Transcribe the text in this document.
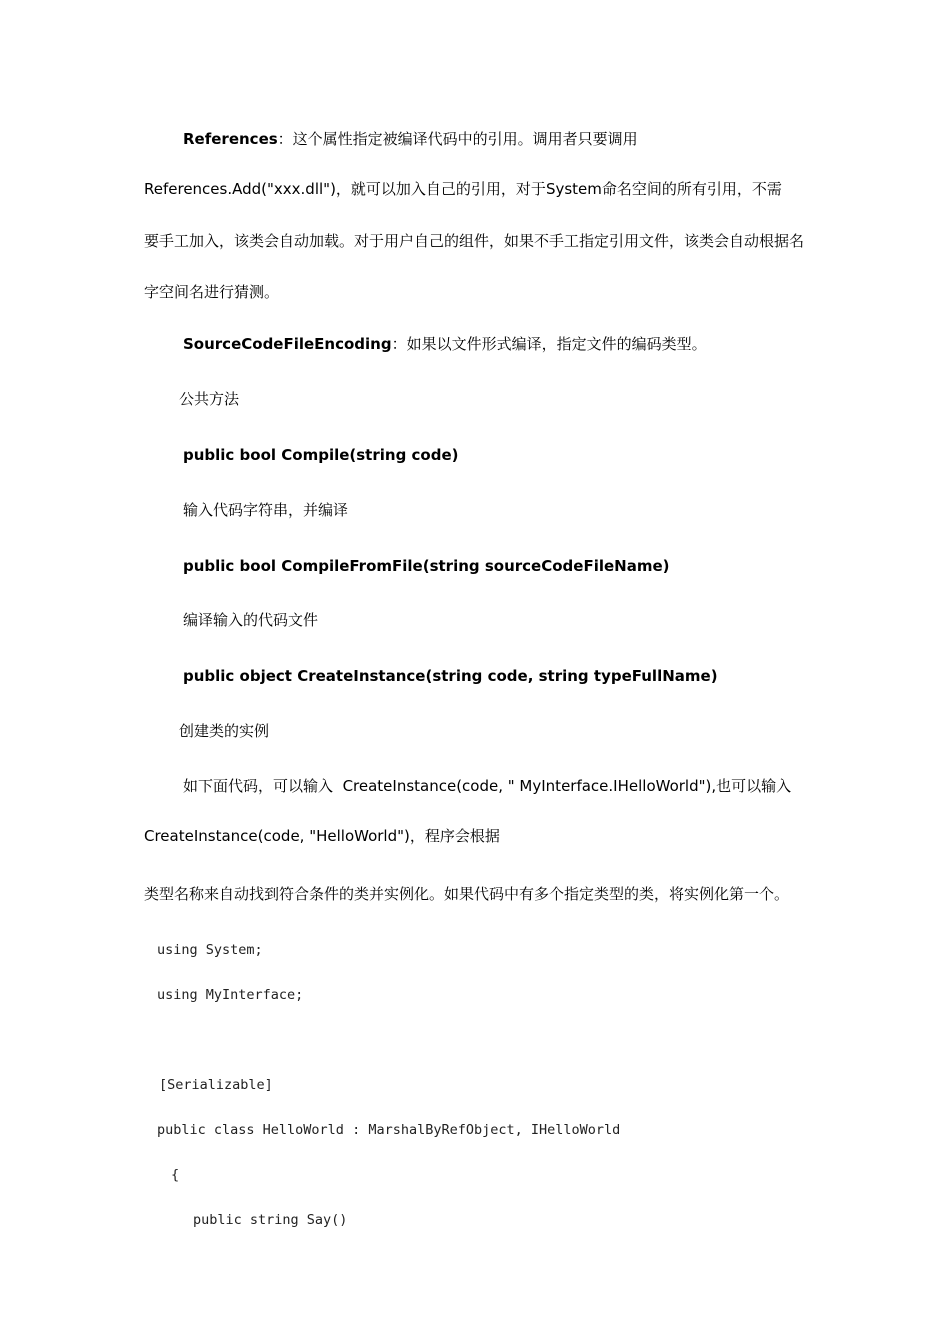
References：这个属性指定被编译代码中的引用。调用者只要调用
References.Add("xxx.dll")，就可以加入自己的引用，对于System命名空间的所有引用，不需
要手工加入，该类会自动加载。对于用户自己的组件，如果不手工指定引用文件，该类会自动根据名
字空间名进行猜测。
SourceCodeFileEncoding：如果以文件形式编译，指定文件的编码类型。
公共方法
public bool Compile(string code)
输入代码字符串，并编译
public bool CompileFromFile(string sourceCodeFileName)
编译输入的代码文件
public object CreateInstance(string code, string typeFullName)
创建类的实例
如下面代码，可以输入 CreateInstance(code, " MyInterface.IHelloWorld"),也可以输入
CreateInstance(code, "HelloWorld")，程序会根据
类型名称来自动找到符合条件的类并实例化。如果代码中有多个指定类型的类，将实例化第一个。
using System;
using MyInterface;
[Serializable]
public class HelloWorld : MarshalByRefObject, IHelloWorld
{
public string Say()
